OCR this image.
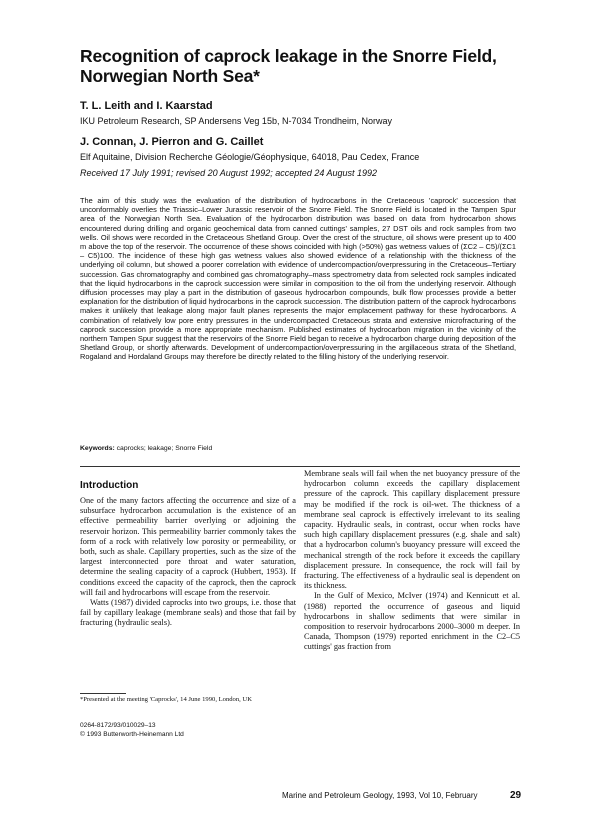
Recognition of caprock leakage in the Snorre Field, Norwegian North Sea*

T. L. Leith and I. Kaarstad

IKU Petroleum Research, SP Andersens Veg 15b, N-7034 Trondheim, Norway

J. Connan, J. Pierron and G. Caillet

Elf Aquitaine, Division Recherche Géologie/Géophysique, 64018, Pau Cedex, France

Received 17 July 1991; revised 20 August 1992; accepted 24 August 1992

The aim of this study was the evaluation of the distribution of hydrocarbons in the Cretaceous 'caprock' succession that unconformably overlies the Triassic–Lower Jurassic reservoir of the Snorre Field. The Snorre Field is located in the Tampen Spur area of the Norwegian North Sea. Evaluation of the hydrocarbon distribution was based on data from hydrocarbon shows encountered during drilling and organic geochemical data from canned cuttings' samples, 27 DST oils and rock samples from two wells. Oil shows were recorded in the Cretaceous Shetland Group. Over the crest of the structure, oil shows were present up to 400 m above the top of the reservoir. The occurrence of these shows coincided with high (>50%) gas wetness values of (ΣC2 – C5)/(ΣC1 – C5)100. The incidence of these high gas wetness values also showed evidence of a relationship with the thickness of the underlying oil column, but showed a poorer correlation with evidence of undercompaction/overpressuring in the Cretaceous–Tertiary succession. Gas chromatography and combined gas chromatography–mass spectrometry data from selected rock samples indicated that the liquid hydrocarbons in the caprock succession were similar in composition to the oil from the underlying reservoir. Although diffusion processes may play a part in the distribution of gaseous hydrocarbon compounds, bulk flow processes provide a better explanation for the distribution of liquid hydrocarbons in the caprock succession. The distribution pattern of the caprock hydrocarbons makes it unlikely that leakage along major fault planes represents the major emplacement pathway for these hydrocarbons. A combination of relatively low pore entry pressures in the undercompacted Cretaceous strata and extensive microfracturing of the caprock succession provide a more appropriate mechanism. Published estimates of hydrocarbon migration in the vicinity of the northern Tampen Spur suggest that the reservoirs of the Snorre Field began to receive a hydrocarbon charge during deposition of the Shetland Group, or shortly afterwards. Development of undercompaction/overpressuring in the argillaceous strata of the Shetland, Rogaland and Hordaland Groups may therefore be directly related to the filling history of the underlying reservoir.

Keywords: caprocks; leakage; Snorre Field

Introduction

One of the many factors affecting the occurrence and size of a subsurface hydrocarbon accumulation is the existence of an effective permeability barrier overlying or adjoining the reservoir horizon. This permeability barrier commonly takes the form of a rock with relatively low porosity or permeability, or both, such as shale. Capillary properties, such as the size of the largest interconnected pore throat and water saturation, determine the sealing capacity of a caprock (Hubbert, 1953). If conditions exceed the capacity of the caprock, then the caprock will fail and hydrocarbons will escape from the reservoir.

Watts (1987) divided caprocks into two groups, i.e. those that fail by capillary leakage (membrane seals) and those that fail by fracturing (hydraulic seals).

Membrane seals will fail when the net buoyancy pressure of the hydrocarbon column exceeds the capillary displacement pressure of the caprock. This capillary displacement pressure may be modified if the rock is oil-wet. The thickness of a membrane seal caprock is effectively irrelevant to its sealing capacity. Hydraulic seals, in contrast, occur when rocks have such high capillary displacement pressures (e.g. shale and salt) that a hydrocarbon column's buoyancy pressure will exceed the mechanical strength of the rock before it exceeds the capillary displacement pressure. In consequence, the rock will fail by fracturing. The effectiveness of a hydraulic seal is dependent on its thickness.

In the Gulf of Mexico, McIver (1974) and Kennicutt et al. (1988) reported the occurrence of gaseous and liquid hydrocarbons in shallow sediments that were similar in composition to reservoir hydrocarbons 2000–3000 m deeper. In Canada, Thompson (1979) reported enrichment in the C2–C5 cuttings' gas fraction from

*Presented at the meeting 'Caprocks', 14 June 1990, London, UK

0264-8172/93/010029–13

© 1993 Butterworth-Heinemann Ltd

Marine and Petroleum Geology, 1993, Vol 10, February	29
